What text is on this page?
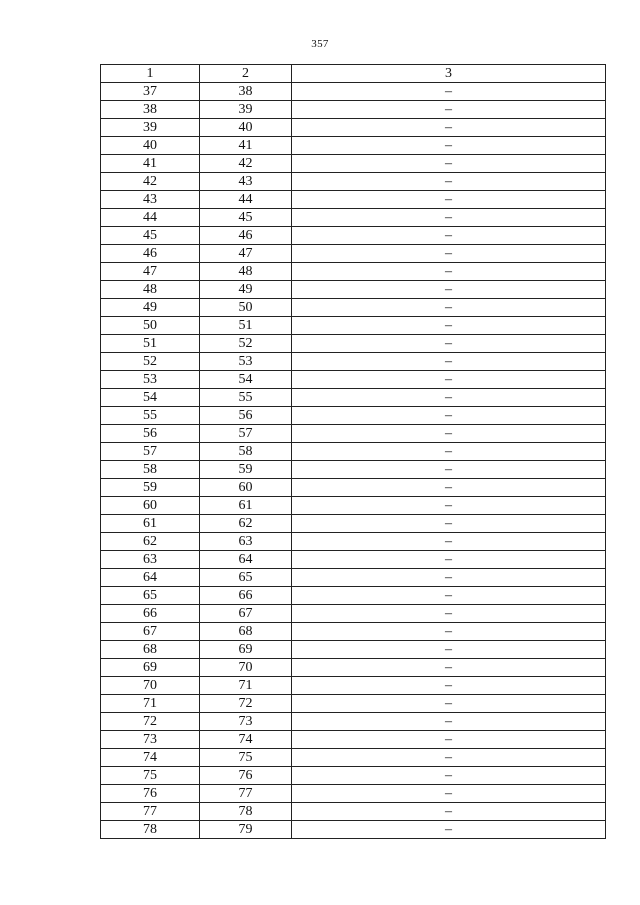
357
1	2	3
37	38	–
38	39	–
39	40	–
40	41	–
41	42	–
42	43	–
43	44	–
44	45	–
45	46	–
46	47	–
47	48	–
48	49	–
49	50	–
50	51	–
51	52	–
52	53	–
53	54	–
54	55	–
55	56	–
56	57	–
57	58	–
58	59	–
59	60	–
60	61	–
61	62	–
62	63	–
63	64	–
64	65	–
65	66	–
66	67	–
67	68	–
68	69	–
69	70	–
70	71	–
71	72	–
72	73	–
73	74	–
74	75	–
75	76	–
76	77	–
77	78	–
78	79	–
